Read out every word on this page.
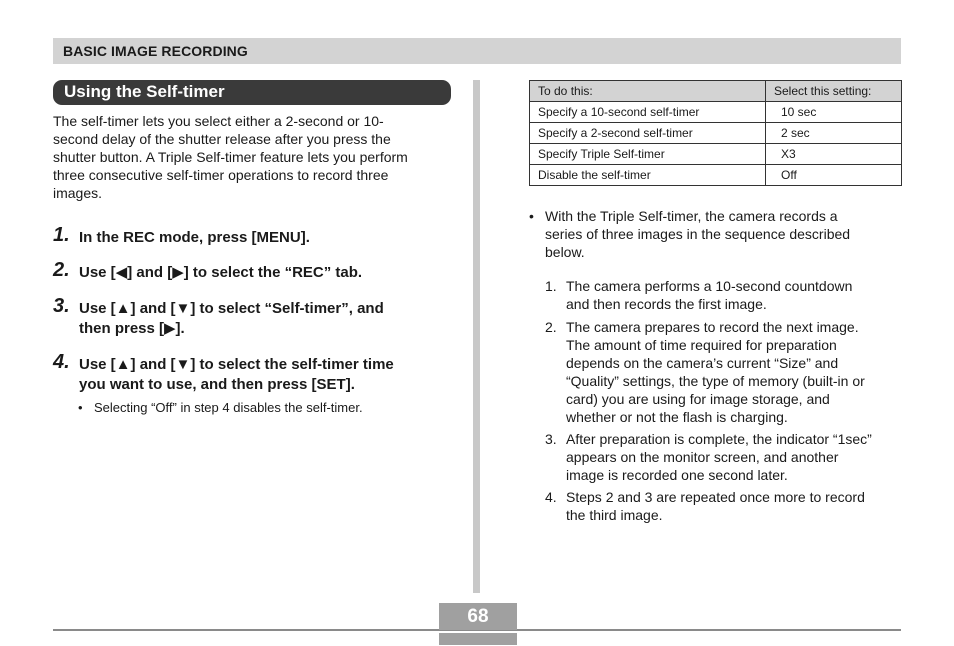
BASIC IMAGE RECORDING
Using the Self-timer
The self-timer lets you select either a 2-second or 10-
second delay of the shutter release after you press the
shutter button. A Triple Self-timer feature lets you perform
three consecutive self-timer operations to record three
images.
1. In the REC mode, press [MENU].
2. Use [◀] and [▶] to select the “REC” tab.
3. Use [▲] and [▼] to select “Self-timer”, and
then press [▶].
4. Use [▲] and [▼] to select the self-timer time
you want to use, and then press [SET].
• Selecting “Off” in step 4 disables the self-timer.
To do this:	Select this setting:
Specify a 10-second self-timer	10 sec
Specify a 2-second self-timer	2 sec
Specify Triple Self-timer	X3
Disable the self-timer	Off
• With the Triple Self-timer, the camera records a
series of three images in the sequence described
below.
1. The camera performs a 10-second countdown
and then records the first image.
2. The camera prepares to record the next image.
The amount of time required for preparation
depends on the camera’s current “Size” and
“Quality” settings, the type of memory (built-in or
card) you are using for image storage, and
whether or not the flash is charging.
3. After preparation is complete, the indicator “1sec”
appears on the monitor screen, and another
image is recorded one second later.
4. Steps 2 and 3 are repeated once more to record
the third image.
68
